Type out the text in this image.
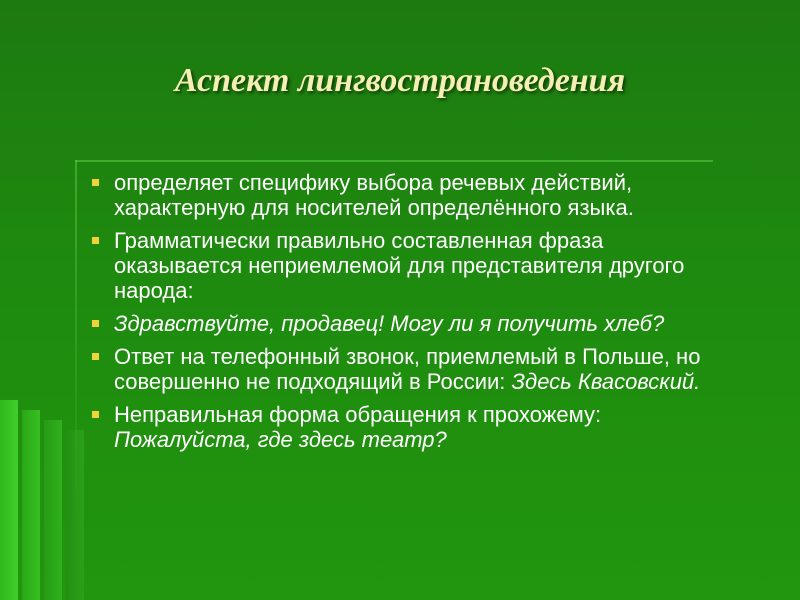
Аспект лингвострановедения
определяет специфику выбора речевых действий, характерную для носителей определённого языка.
Грамматически правильно составленная фраза оказывается неприемлемой для представителя другого народа:
Здравствуйте, продавец! Могу ли я получить хлеб?
Ответ на телефонный звонок, приемлемый в Польше, но совершенно не подходящий в России: Здесь Квасовский.
Неправильная форма обращения к прохожему: Пожалуйста, где здесь театр?
